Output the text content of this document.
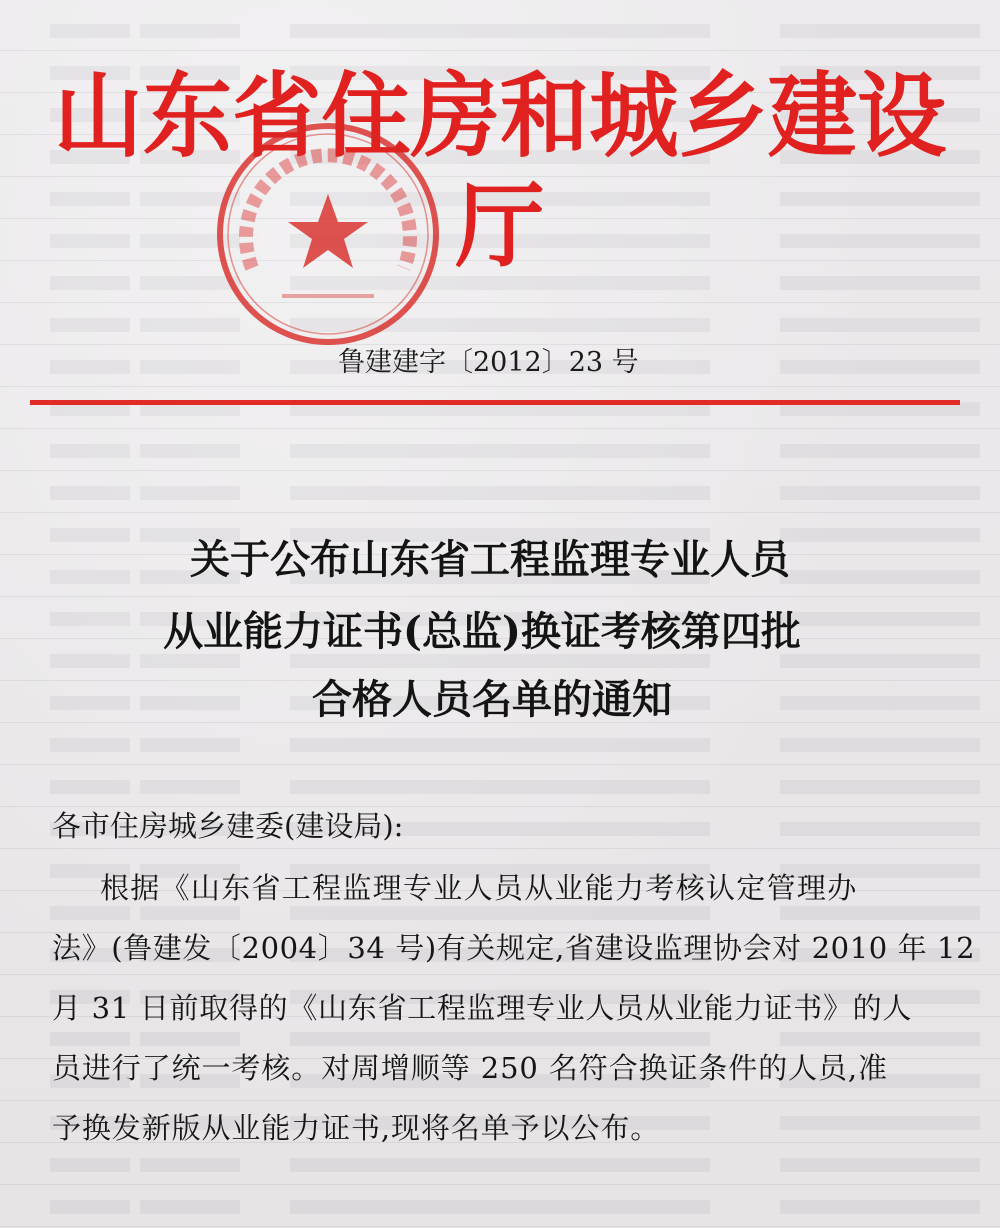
山东省住房和城乡建设厅
鲁建建字〔2012〕23 号
关于公布山东省工程监理专业人员
从业能力证书(总监)换证考核第四批
合格人员名单的通知
各市住房城乡建委(建设局):
根据《山东省工程监理专业人员从业能力考核认定管理办
法》(鲁建发〔2004〕34 号)有关规定,省建设监理协会对 2010 年 12
月 31 日前取得的《山东省工程监理专业人员从业能力证书》的人
员进行了统一考核。对周增顺等 250 名符合换证条件的人员,准
予换发新版从业能力证书,现将名单予以公布。
